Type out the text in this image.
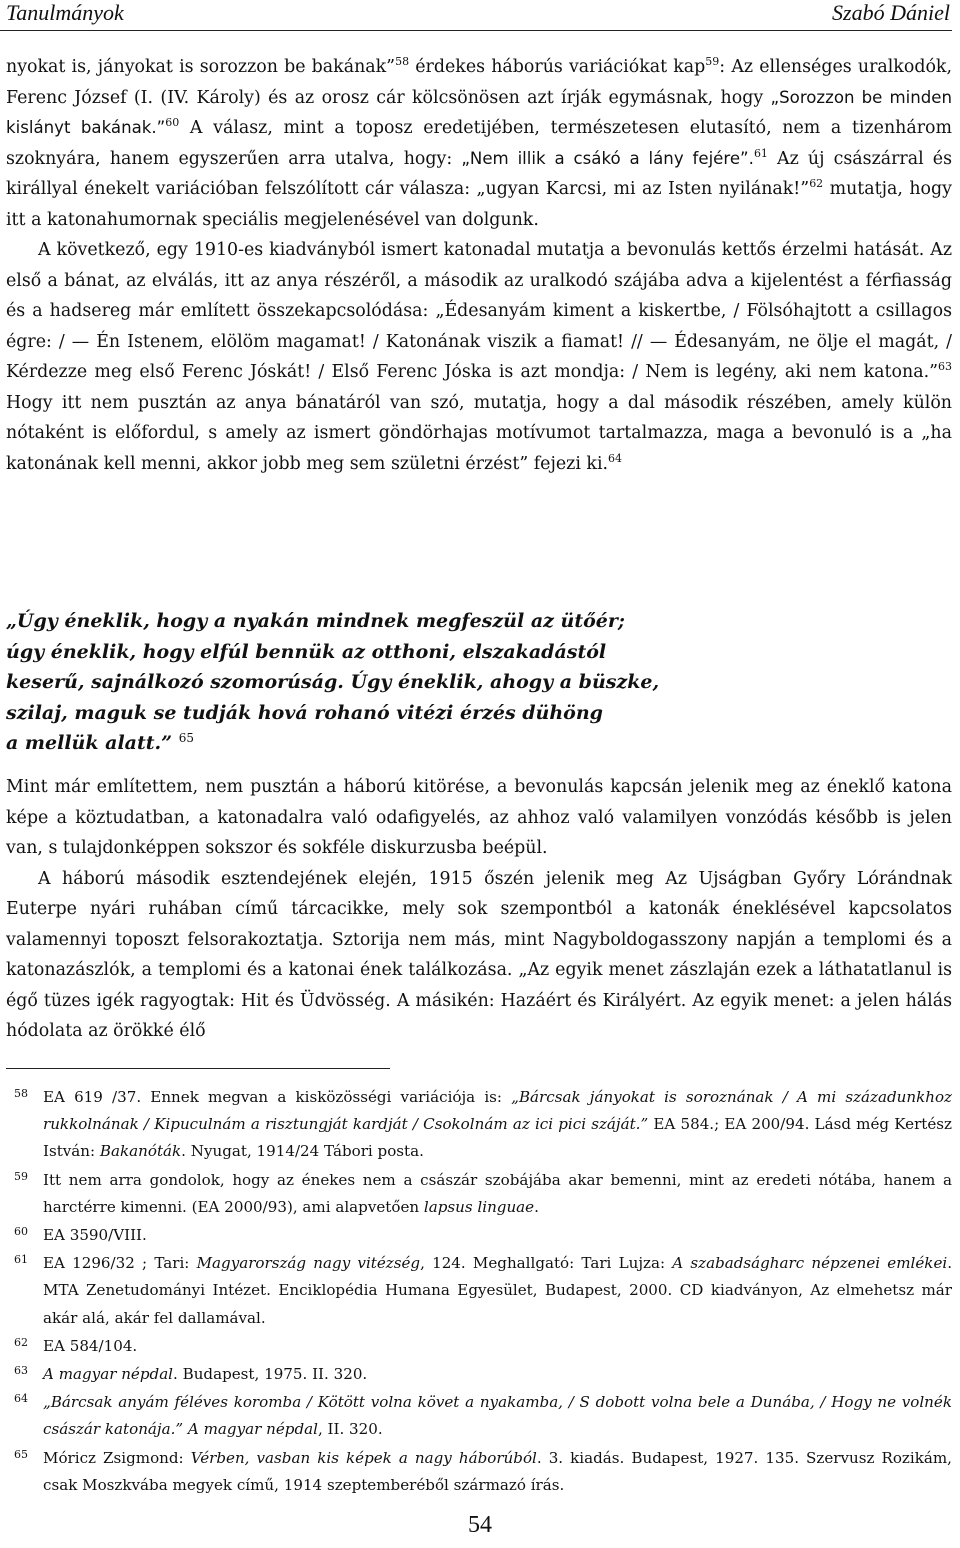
Tanulmányok	Szabó Dániel

nyokat is, jányokat is sorozzon be bakának”$^{58}$ érdekes háborús variációkat kap$^{59}$: Az ellenséges uralkodók, Ferenc József (I. (IV. Károly) és az orosz cár kölcsönösen azt írják egymásnak, hogy „Sorozzon be minden kislányt bakának.”$^{60}$ A válasz, mint a toposz eredetijében, természetesen elutasító, nem a tizenhárom szoknyára, hanem egyszerűen arra utalva, hogy: „Nem illik a csákó a lány fejére”.$^{61}$ Az új császárral és királlyal énekelt variációban felszólított cár válasza: „ugyan Karcsi, mi az Isten nyilának!”$^{62}$ mutatja, hogy itt a katonahumornak speciális megjelenésével van dolgunk.

A következő, egy 1910-es kiadványból ismert katonadal mutatja a bevonulás kettős érzelmi hatását. Az első a bánat, az elválás, itt az anya részéről, a második az uralkodó szájába adva a kijelentést a férfiasság és a hadsereg már említett összekapcsolódása: „Édesanyám kiment a kiskertbe, / Fölsóhajtott a csillagos égre: / — Én Istenem, elölöm magamat! / Katonának viszik a fiamat! // — Édesanyám, ne ölje el magát, / Kérdezze meg első Ferenc Jóskát! / Első Ferenc Jóska is azt mondja: / Nem is legény, aki nem katona.”$^{63}$ Hogy itt nem pusztán az anya bánatáról van szó, mutatja, hogy a dal második részében, amely külön nótaként is előfordul, s amely az ismert göndörhajas motívumot tartalmazza, maga a bevonuló is a „ha katonának kell menni, akkor jobb meg sem születni érzést” fejezi ki.$^{64}$

„Úgy éneklik, hogy a nyakán mindnek megfeszül az ütőér;
úgy éneklik, hogy elfúl bennük az otthoni, elszakadástól
keserű, sajnálkozó szomorúság. Úgy éneklik, ahogy a büszke,
szilaj, maguk se tudják hová rohanó vitézi érzés dühöng
a mellük alatt.” $^{65}$

Mint már említettem, nem pusztán a háború kitörése, a bevonulás kapcsán jelenik meg az éneklő katona képe a köztudatban, a katonadalra való odafigyelés, az ahhoz való valamilyen vonzódás később is jelen van, s tulajdonképpen sokszor és sokféle diskurzusba beépül.

A háború második esztendejének elején, 1915 őszén jelenik meg Az Ujságban Győry Lórándnak Euterpe nyári ruhában című tárcacikke, mely sok szempontból a katonák éneklésével kapcsolatos valamennyi toposzt felsorakoztatja. Sztorija nem más, mint Nagyboldogasszony napján a templomi és a katonazászlók, a templomi és a katonai ének találkozása. „Az egyik menet zászlaján ezek a láthatatlanul is égő tüzes igék ragyogtak: Hit és Üdvösség. A másikén: Hazáért és Királyért. Az egyik menet: a jelen hálás hódolata az örökké élő

58 EA 619 /37. Ennek megvan a kisközösségi variációja is: „Bárcsak jányokat is soroznának / A mi századunkhoz rukkolnának / Kipuculnám a risztungját kardját / Csokolnám az ici pici száját.” EA 584.; EA 200/94. Lásd még Kertész István: Bakanóták. Nyugat, 1914/24 Tábori posta.
59 Itt nem arra gondolok, hogy az énekes nem a császár szobájába akar bemenni, mint az eredeti nótába, hanem a harctérre kimenni. (EA 2000/93), ami alapvetően lapsus linguae.
60 EA 3590/VIII.
61 EA 1296/32 ; Tari: Magyarország nagy vitézség, 124. Meghallgató: Tari Lujza: A szabadságharc népzenei emlékei. MTA Zenetudományi Intézet. Enciklopédia Humana Egyesület, Budapest, 2000. CD kiadványon, Az elmehetsz már akár alá, akár fel dallamával.
62 EA 584/104.
63 A magyar népdal. Budapest, 1975. II. 320.
64 „Bárcsak anyám féléves koromba / Kötött volna követ a nyakamba, / S dobott volna bele a Dunába, / Hogy ne volnék császár katonája.” A magyar népdal, II. 320.
65 Móricz Zsigmond: Vérben, vasban kis képek a nagy háborúból. 3. kiadás. Budapest, 1927. 135. Szervusz Rozikám, csak Moszkvába megyek című, 1914 szeptemberéből származó írás.
54
